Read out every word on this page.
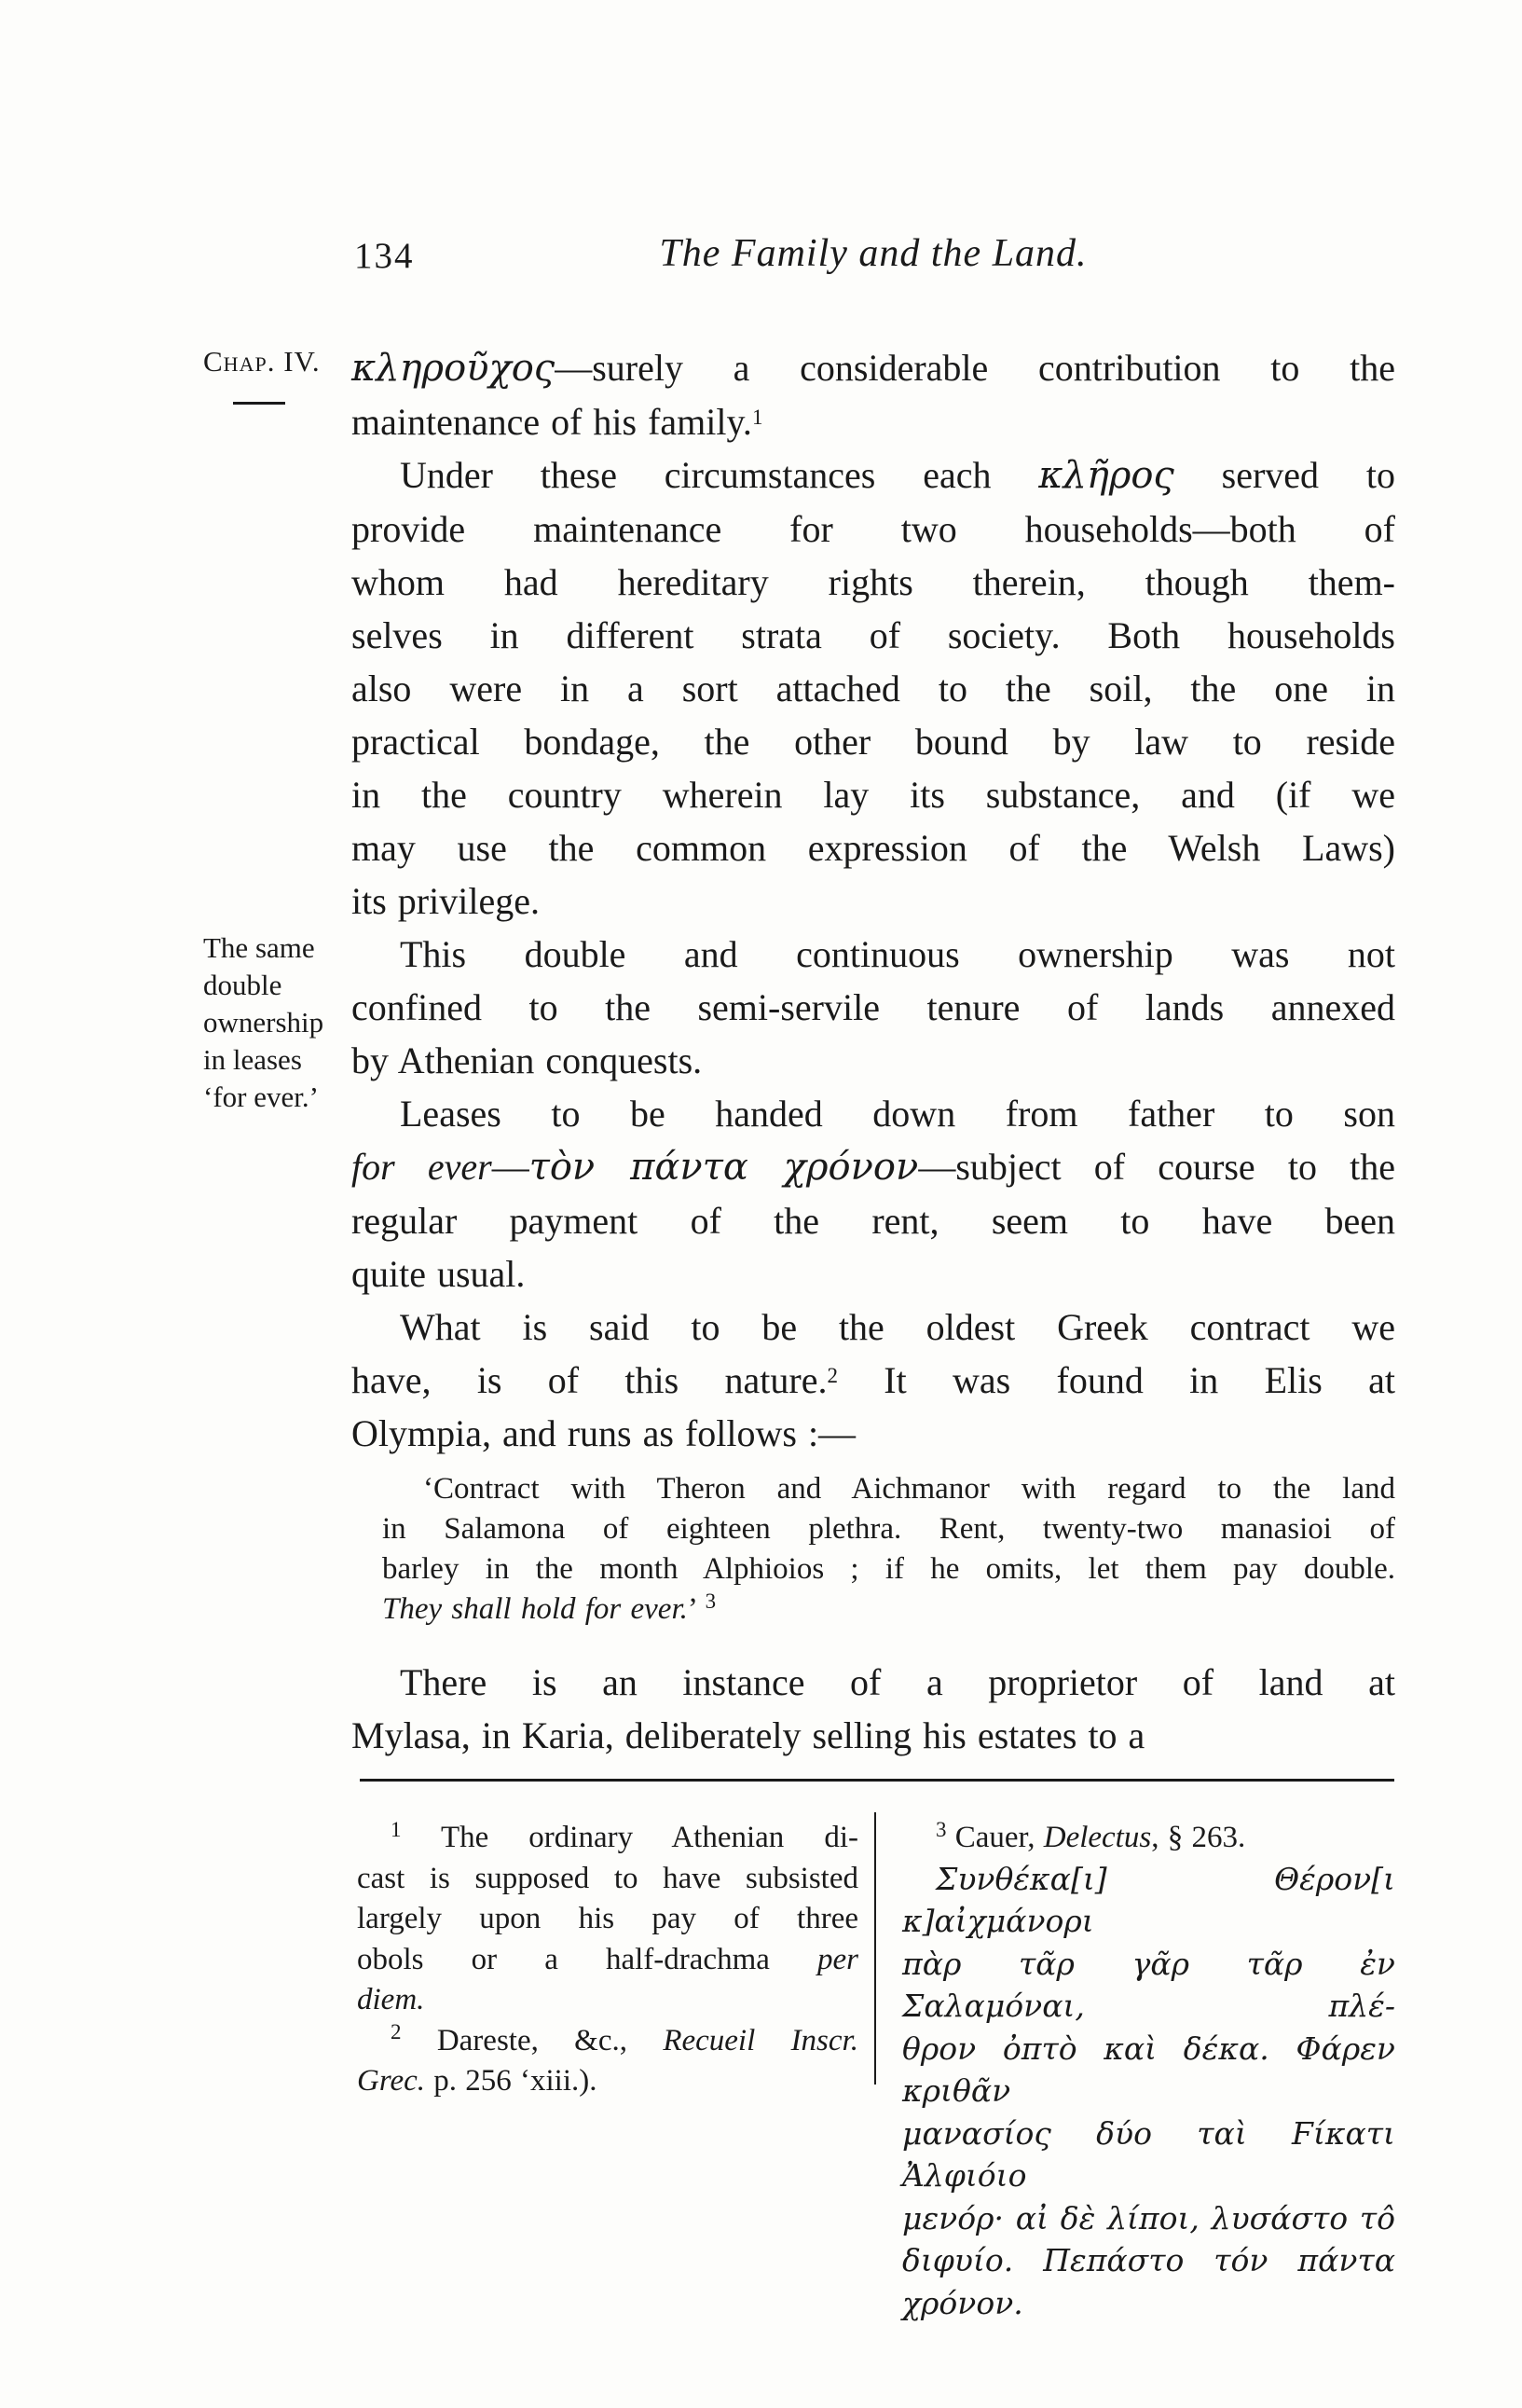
134	The Family and the Land.
Chap. IV.
The same
double
ownership
in leases
‘for ever.’
κληροῦχος—surely a considerable contribution to the
maintenance of his family.$^1$
Under these circumstances each κλῆρος served to
provide maintenance for two households—both of
whom had hereditary rights therein, though them-
selves in different strata of society. Both households
also were in a sort attached to the soil, the one in
practical bondage, the other bound by law to reside
in the country wherein lay its substance, and (if we
may use the common expression of the Welsh Laws)
its privilege.
This double and continuous ownership was not
confined to the semi-servile tenure of lands annexed
by Athenian conquests.
Leases to be handed down from father to son
for ever—τὸν πάντα χρόνον—subject of course to the
regular payment of the rent, seem to have been
quite usual.
What is said to be the oldest Greek contract we
have, is of this nature.$^2$ It was found in Elis at
Olympia, and runs as follows :—
‘Contract with Theron and Aichmanor with regard to the land
in Salamona of eighteen plethra. Rent, twenty-two manasioi of
barley in the month Alphioios ; if he omits, let them pay double.
They shall hold for ever.’ $^3$
There is an instance of a proprietor of land at
Mylasa, in Karia, deliberately selling his estates to a
$^1$ The ordinary Athenian di-
cast is supposed to have subsisted
largely upon his pay of three
obols or a half-drachma per
diem.
$^2$ Dareste, &c., Recueil Inscr.
Grec. p. 256 ‘xiii.).
$^3$ Cauer, Delectus, § 263.
Συνθέκα[ι] Θέρον[ι κ]αἰχμάνορι
πὰρ τᾶρ γᾶρ τᾶρ ἐν Σαλαμόναι, πλέ-
θρον ὀπτὸ καὶ δέκα. Φάρεν κριθᾶν
μανασίος δύο ταὶ Ϝίκατι Ἀλφιόιο
μενόρ· αἰ δὲ λίποι, λυσάστο τô
διφυίο. Πεπάστο τόν πάντα χρόνον.
